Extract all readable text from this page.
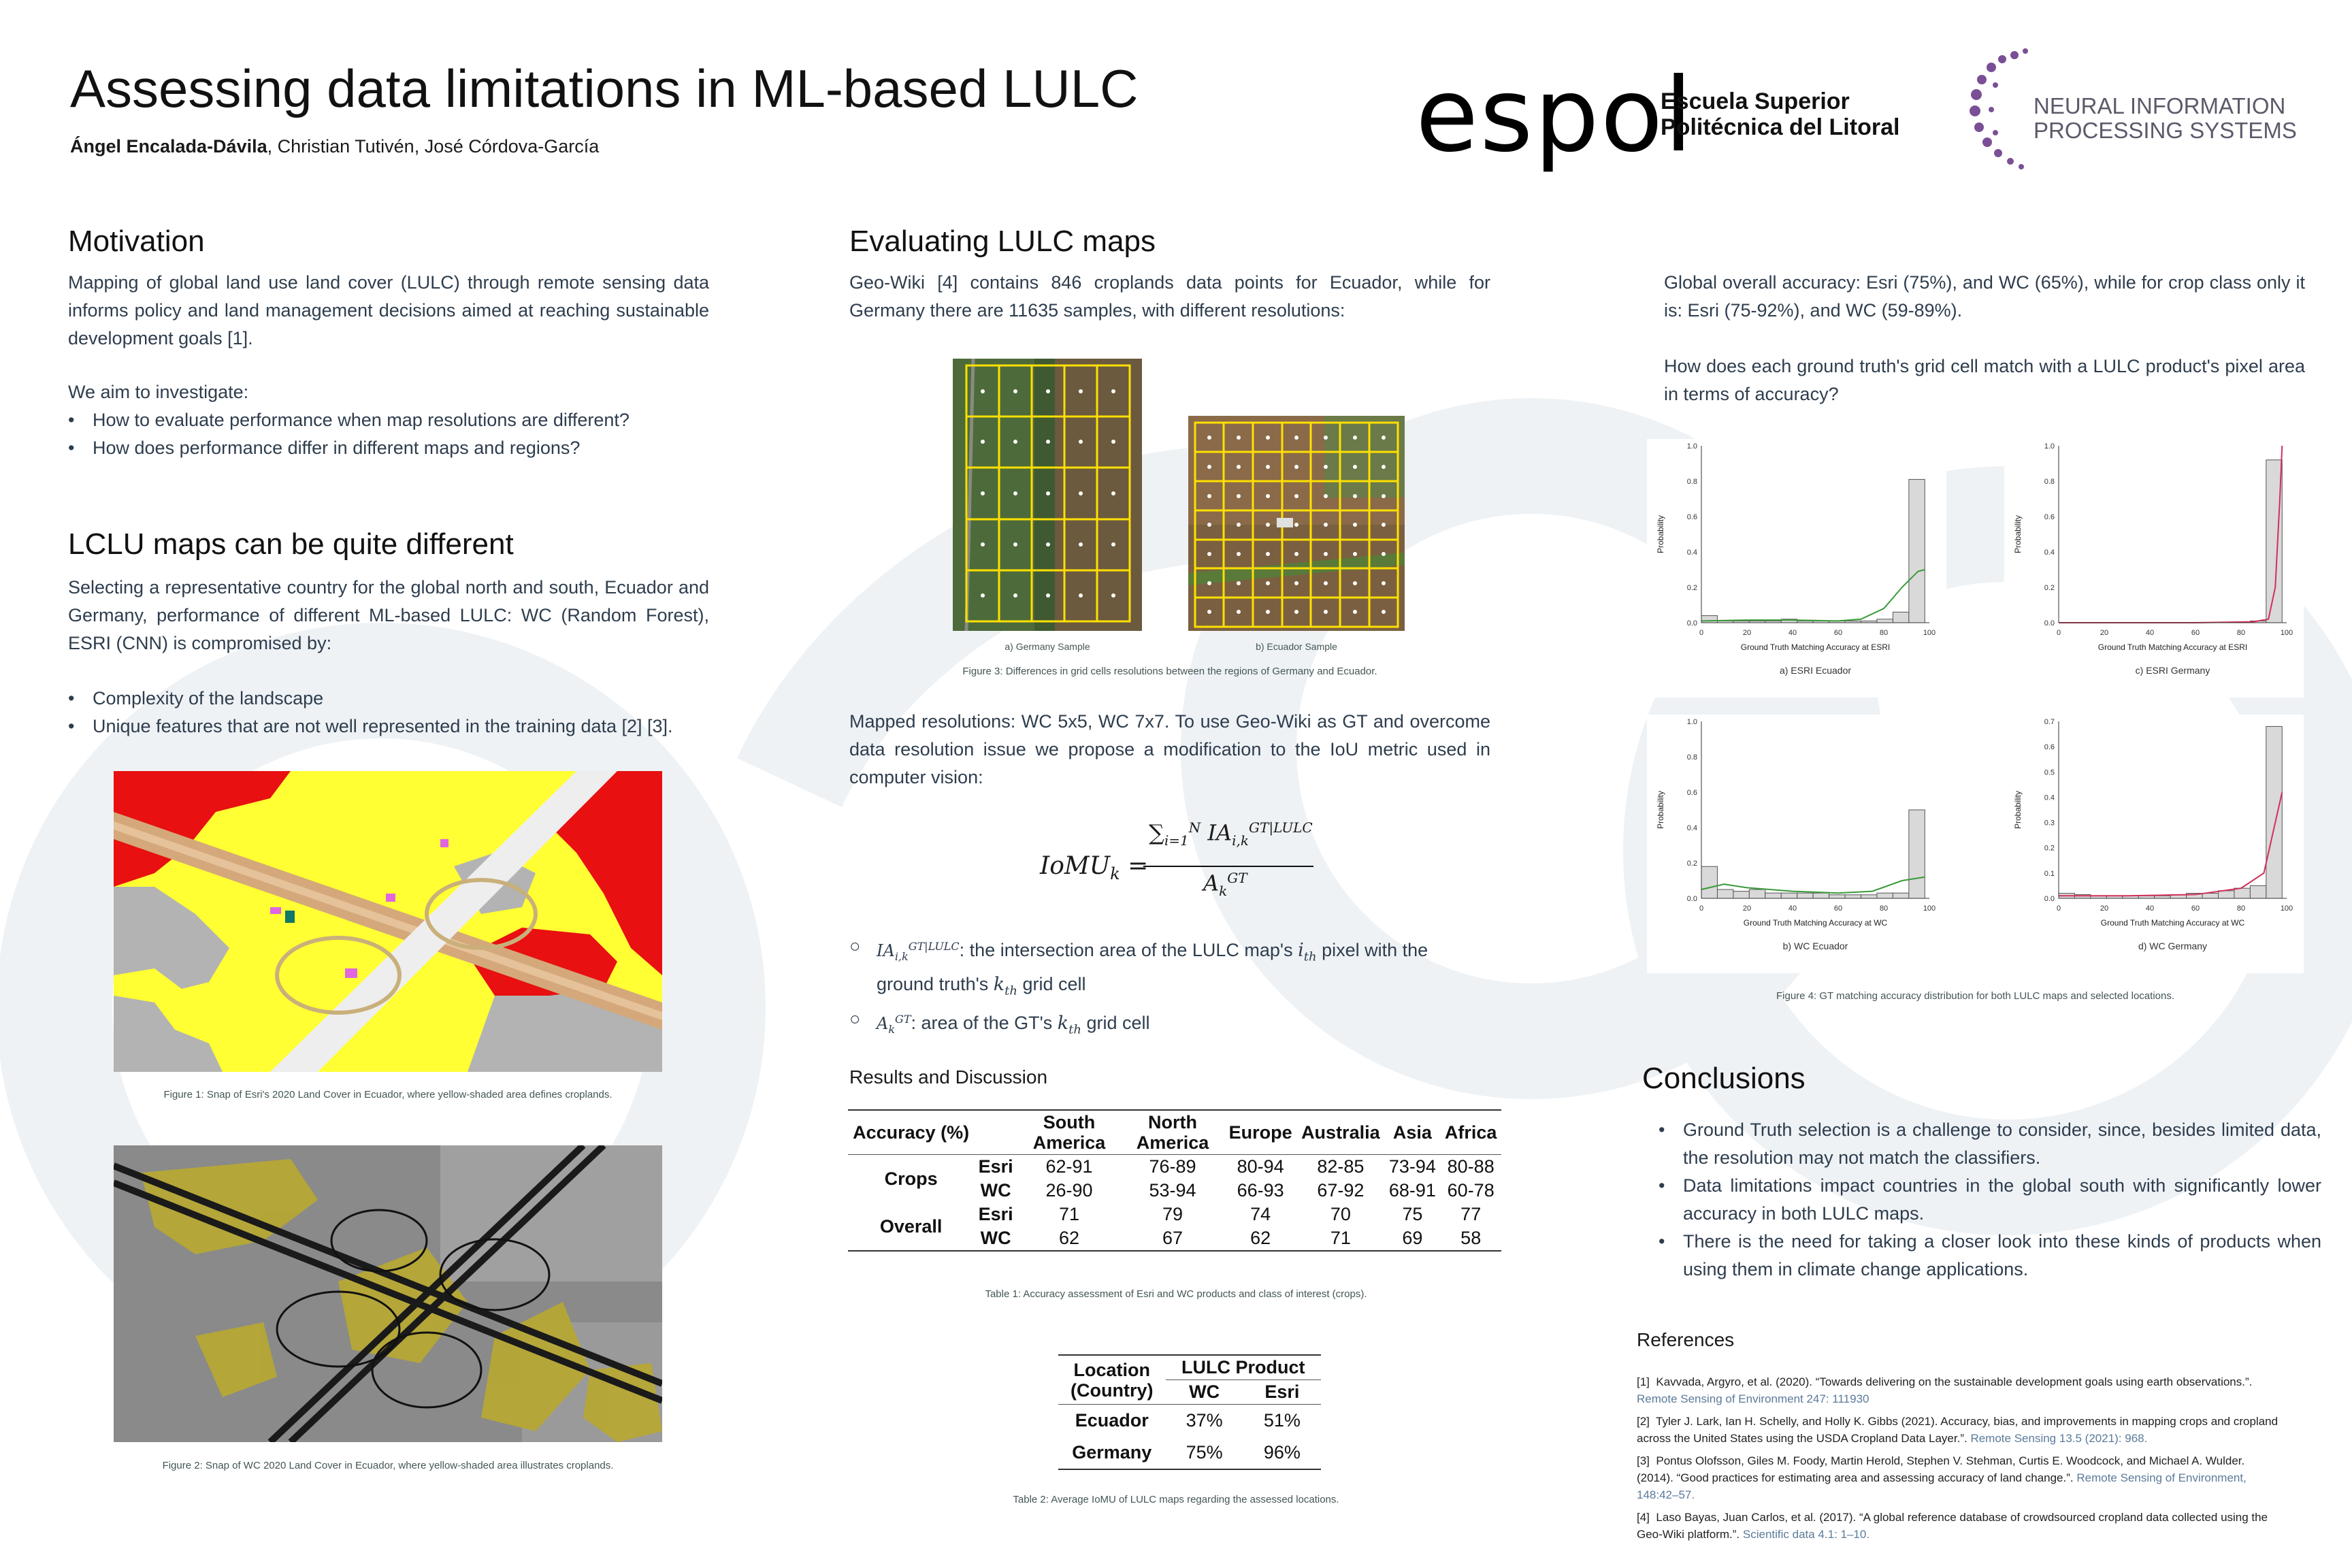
Assessing data limitations in ML-based LULC
Ángel Encalada-Dávila, Christian Tutivén, José Córdova-García	espol
Escuela Superior
Politécnica del Litoral
NEURAL INFORMATION
PROCESSING SYSTEMS
Motivation
Mapping of global land use land cover (LULC) through remote sensing data informs policy and land management decisions aimed at reaching sustainable development goals [1].
We aim to investigate:
• How to evaluate performance when map resolutions are different?
• How does performance differ in different maps and regions?
LCLU maps can be quite different
Selecting a representative country for the global north and south, Ecuador and Germany, performance of different ML-based LULC: WC (Random Forest), ESRI (CNN) is compromised by:
• Complexity of the landscape
• Unique features that are not well represented in the training data [2] [3].
Figure 1: Snap of Esri's 2020 Land Cover in Ecuador, where yellow-shaded area defines croplands.
Figure 2: Snap of WC 2020 Land Cover in Ecuador, where yellow-shaded area illustrates croplands.
Evaluating LULC maps
Geo-Wiki [4] contains 846 croplands data points for Ecuador, while for Germany there are 11635 samples, with different resolutions:
a) Germany Sample	b) Ecuador Sample
Figure 3: Differences in grid cells resolutions between the regions of Germany and Ecuador.
Mapped resolutions: WC 5x5, WC 7x7. To use Geo-Wiki as GT and overcome data resolution issue we propose a modification to the IoU metric used in computer vision:
IoMU$_k$ =
$\sum_{i=1}^N$ $IA_{i,k}^{GT|LULC}$
$A_k^{GT}$
○ $IA_{i,k}^{GT|LULC}$: the intersection area of the LULC map's $i_{th}$ pixel with the
ground truth's $k_{th}$ grid cell
○ $A_k^{GT}$: area of the GT's $k_{th}$ grid cell
Results and Discussion
Accuracy (%)		South America	North America	Europe	Australia	Asia	Africa
Crops	Esri	62-91	76-89	80-94	82-85	73-94	80-88
	WC	26-90	53-94	66-93	67-92	68-91	60-78
Overall	Esri	71	79	74	70	75	77
	WC	62	67	62	71	69	58
Table 1: Accuracy assessment of Esri and WC products and class of interest (crops).
Location
(Country)	LULC Product	
	WC	Esri
Ecuador	37%	51%
Germany	75%	96%
Table 2: Average IoMU of LULC maps regarding the assessed locations.
Global overall accuracy: Esri (75%), and WC (65%), while for crop class only it is: Esri (75-92%), and WC (59-89%).
How does each ground truth's grid cell match with a LULC product's pixel area in terms of accuracy?
0	20	40	60	80	100
0.0
0.2
0.4
0.6
0.8
1.0
Ground Truth Matching Accuracy at ESRI
Probability
a) ESRI Ecuador
0	20	40	60	80	100
0.0
0.2
0.4
0.6
0.8
1.0
Ground Truth Matching Accuracy at ESRI
Probability
c) ESRI Germany
0	20	40	60	80	100
0.0
0.2
0.4
0.6
0.8
1.0
Ground Truth Matching Accuracy at WC
Probability
b) WC Ecuador
0	20	40	60	80	100
0.0
0.1
0.2
0.3
0.4
0.5
0.6
0.7
Ground Truth Matching Accuracy at WC
Probability
d) WC Germany
Figure 4: GT matching accuracy distribution for both LULC maps and selected locations.
Conclusions
• Ground Truth selection is a challenge to consider, since, besides limited data, the resolution may not match the classifiers.
• Data limitations impact countries in the global south with significantly lower accuracy in both LULC maps.
• There is the need for taking a closer look into these kinds of products when using them in climate change applications.
References
[1] Kavvada, Argyro, et al. (2020). “Towards delivering on the sustainable development goals using earth observations.”. Remote Sensing of Environment 247: 111930
[2] Tyler J. Lark, Ian H. Schelly, and Holly K. Gibbs (2021). Accuracy, bias, and improvements in mapping crops and cropland across the United States using the USDA Cropland Data Layer.”. Remote Sensing 13.5 (2021): 968.
[3] Pontus Olofsson, Giles M. Foody, Martin Herold, Stephen V. Stehman, Curtis E. Woodcock, and Michael A. Wulder. (2014). “Good practices for estimating area and assessing accuracy of land change.”. Remote Sensing of Environment, 148:42–57.
[4] Laso Bayas, Juan Carlos, et al. (2017). “A global reference database of crowdsourced cropland data collected using the Geo-Wiki platform.”. Scientific data 4.1: 1–10.
